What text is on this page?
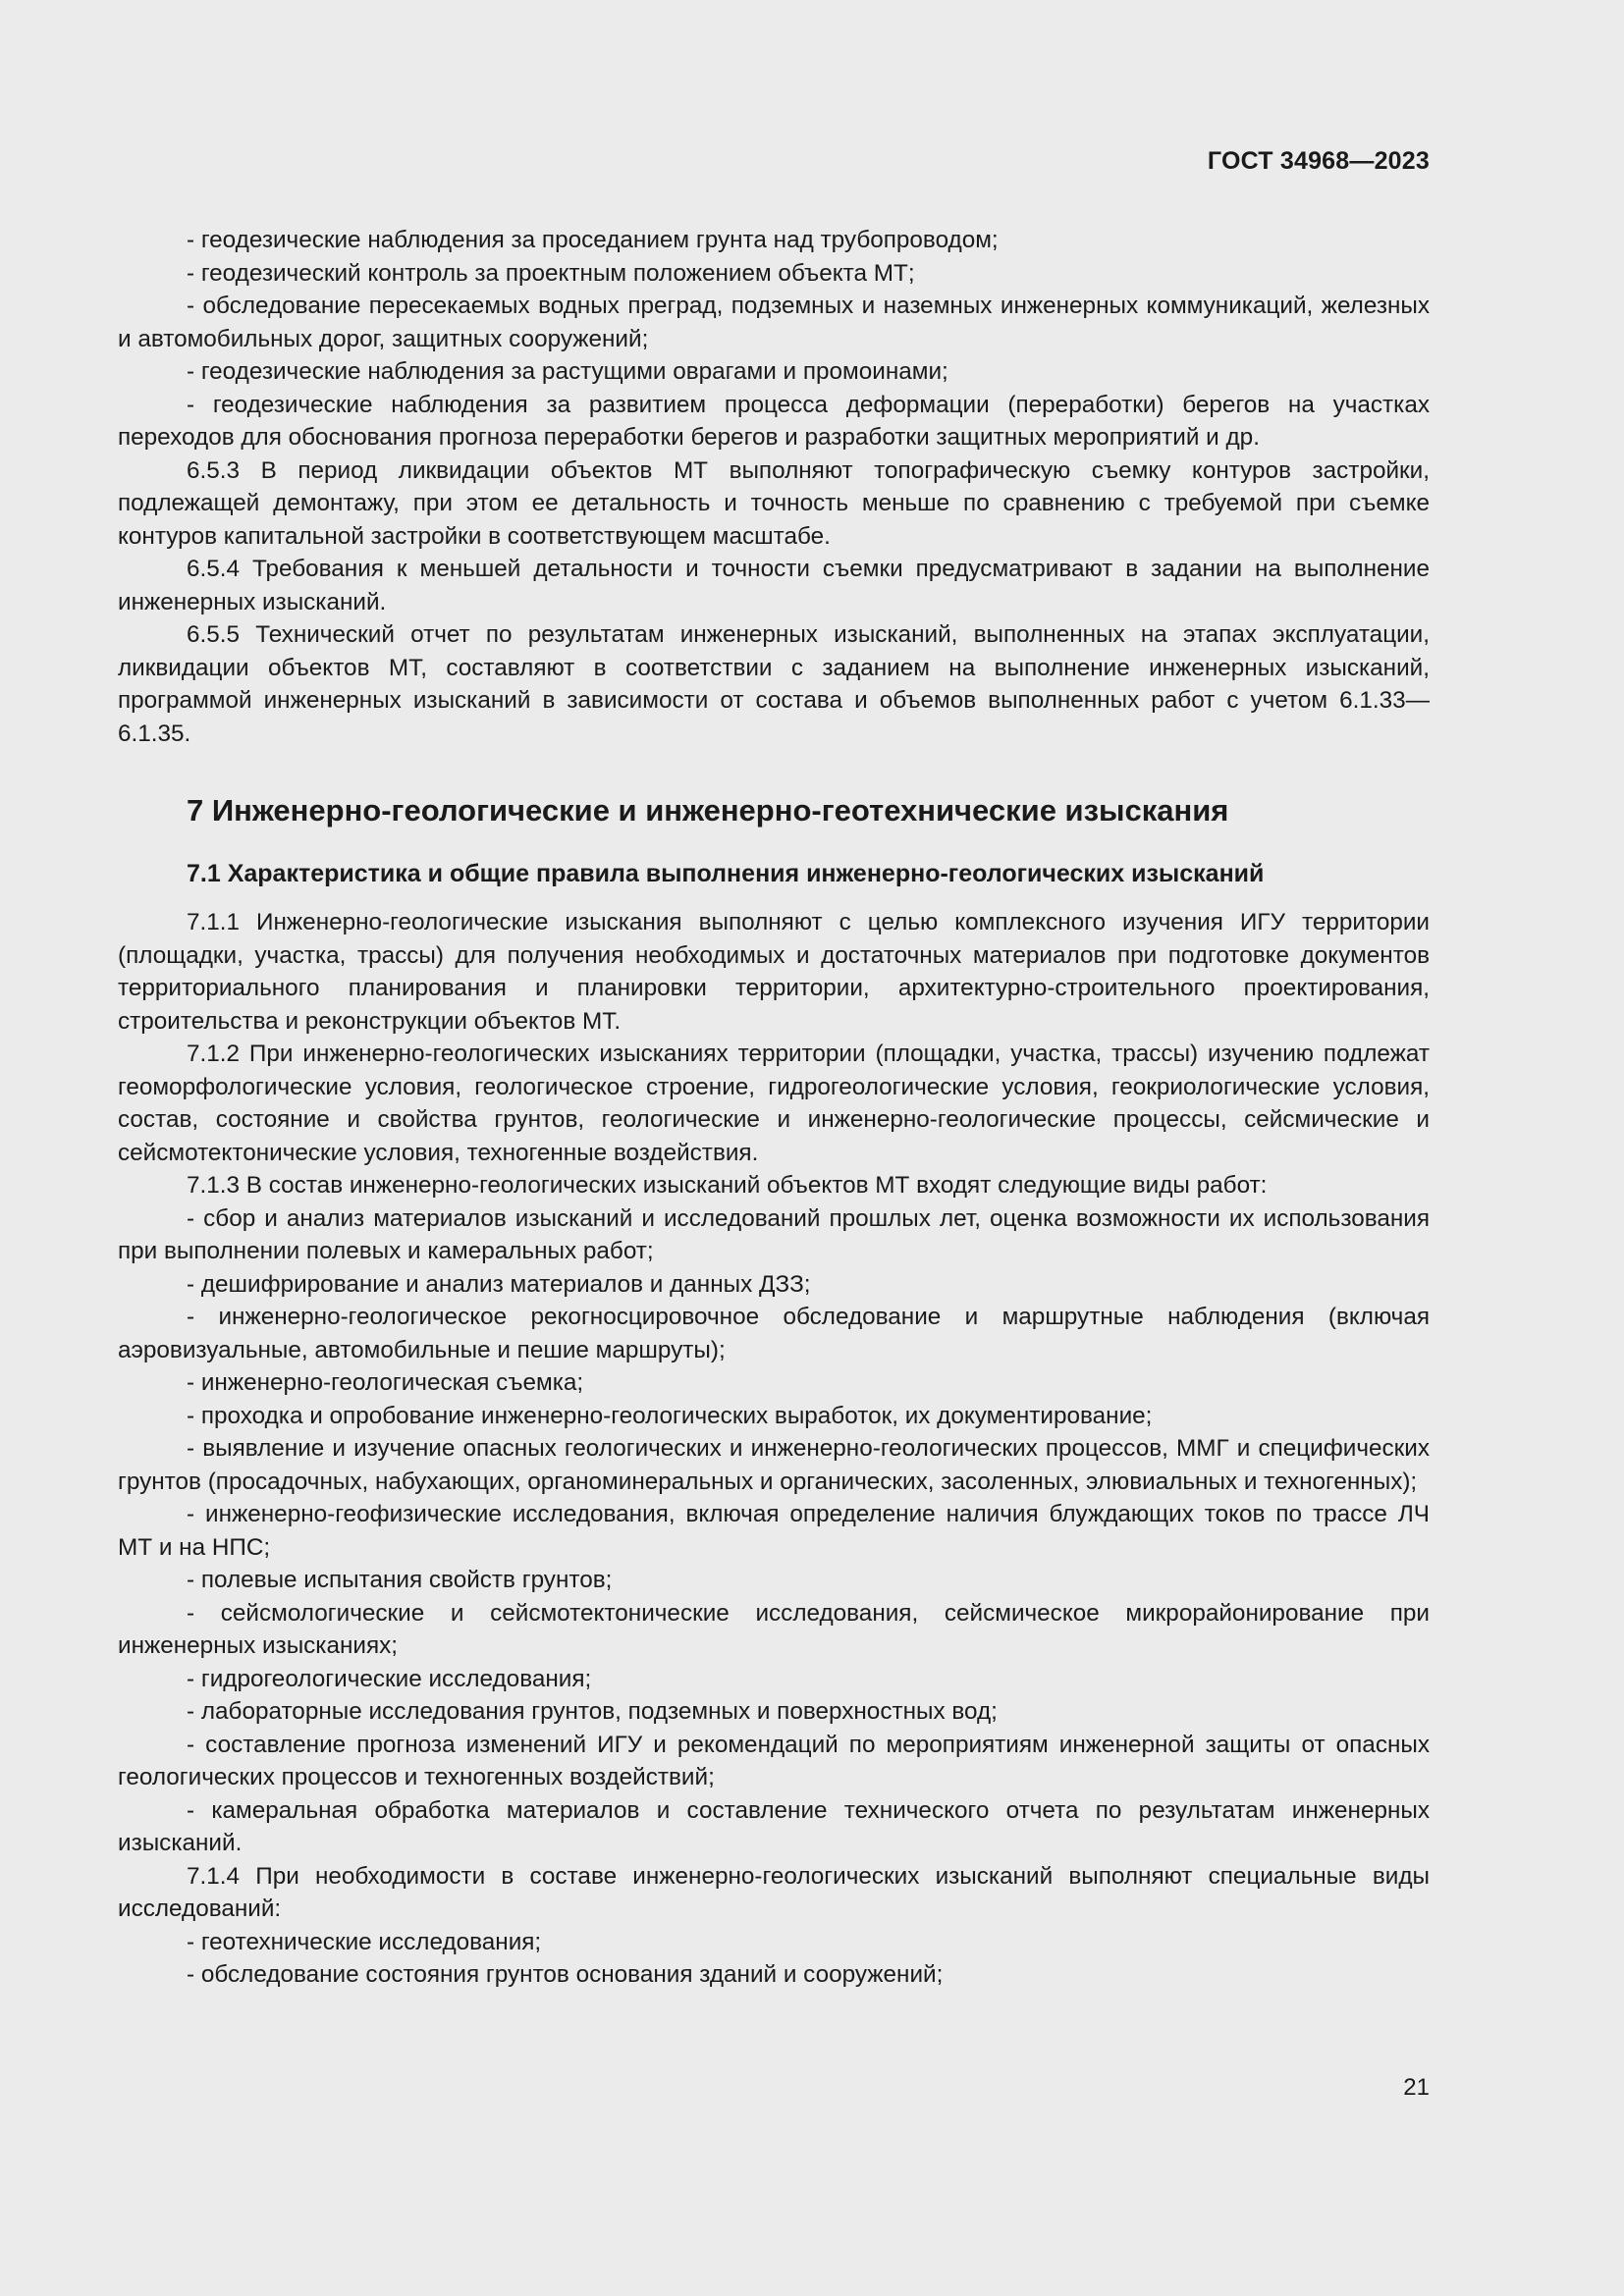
ГОСТ 34968—2023

- геодезические наблюдения за проседанием грунта над трубопроводом;

- геодезический контроль за проектным положением объекта МТ;

- обследование пересекаемых водных преград, подземных и наземных инженерных коммуникаций, железных и автомобильных дорог, защитных сооружений;

- геодезические наблюдения за растущими оврагами и промоинами;

- геодезические наблюдения за развитием процесса деформации (переработки) берегов на участках переходов для обоснования прогноза переработки берегов и разработки защитных мероприятий и др.

6.5.3 В период ликвидации объектов МТ выполняют топографическую съемку контуров застройки, подлежащей демонтажу, при этом ее детальность и точность меньше по сравнению с требуемой при съемке контуров капитальной застройки в соответствующем масштабе.

6.5.4 Требования к меньшей детальности и точности съемки предусматривают в задании на выполнение инженерных изысканий.

6.5.5 Технический отчет по результатам инженерных изысканий, выполненных на этапах эксплуатации, ликвидации объектов МТ, составляют в соответствии с заданием на выполнение инженерных изысканий, программой инженерных изысканий в зависимости от состава и объемов выполненных работ с учетом 6.1.33—6.1.35.

7 Инженерно-геологические и инженерно-геотехнические изыскания
7.1 Характеристика и общие правила выполнения инженерно-геологических изысканий

7.1.1 Инженерно-геологические изыскания выполняют с целью комплексного изучения ИГУ территории (площадки, участка, трассы) для получения необходимых и достаточных материалов при подготовке документов территориального планирования и планировки территории, архитектурно-строительного проектирования, строительства и реконструкции объектов МТ.

7.1.2 При инженерно-геологических изысканиях территории (площадки, участка, трассы) изучению подлежат геоморфологические условия, геологическое строение, гидрогеологические условия, геокриологические условия, состав, состояние и свойства грунтов, геологические и инженерно-геологические процессы, сейсмические и сейсмотектонические условия, техногенные воздействия.

7.1.3 В состав инженерно-геологических изысканий объектов МТ входят следующие виды работ:

- сбор и анализ материалов изысканий и исследований прошлых лет, оценка возможности их использования при выполнении полевых и камеральных работ;

- дешифрирование и анализ материалов и данных ДЗЗ;

- инженерно-геологическое рекогносцировочное обследование и маршрутные наблюдения (включая аэровизуальные, автомобильные и пешие маршруты);

- инженерно-геологическая съемка;

- проходка и опробование инженерно-геологических выработок, их документирование;

- выявление и изучение опасных геологических и инженерно-геологических процессов, ММГ и специфических грунтов (просадочных, набухающих, органоминеральных и органических, засоленных, элювиальных и техногенных);

- инженерно-геофизические исследования, включая определение наличия блуждающих токов по трассе ЛЧ МТ и на НПС;

- полевые испытания свойств грунтов;

- сейсмологические и сейсмотектонические исследования, сейсмическое микрорайонирование при инженерных изысканиях;

- гидрогеологические исследования;

- лабораторные исследования грунтов, подземных и поверхностных вод;

- составление прогноза изменений ИГУ и рекомендаций по мероприятиям инженерной защиты от опасных геологических процессов и техногенных воздействий;

- камеральная обработка материалов и составление технического отчета по результатам инженерных изысканий.

7.1.4 При необходимости в составе инженерно-геологических изысканий выполняют специальные виды исследований:

- геотехнические исследования;

- обследование состояния грунтов основания зданий и сооружений;

21
